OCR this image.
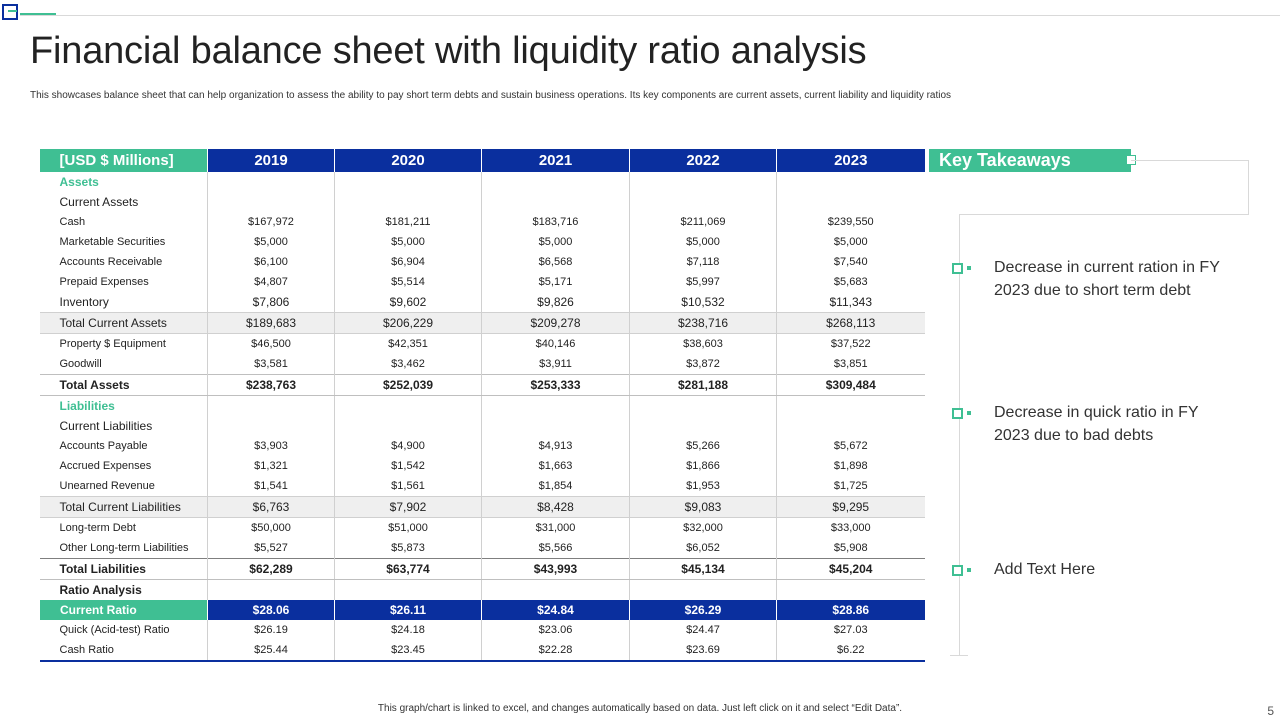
Financial balance sheet with liquidity ratio analysis
This showcases balance sheet that can help organization to assess the ability to pay short term debts and sustain business operations. Its key components are current assets, current liability and liquidity ratios
[USD $ Millions]	2019	2020	2021	2022	2023
Assets					
Current Assets					
Cash	$167,972	$181,211	$183,716	$211,069	$239,550
Marketable Securities	$5,000	$5,000	$5,000	$5,000	$5,000
Accounts Receivable	$6,100	$6,904	$6,568	$7,118	$7,540
Prepaid Expenses	$4,807	$5,514	$5,171	$5,997	$5,683
Inventory	$7,806	$9,602	$9,826	$10,532	$11,343
Total Current Assets	$189,683	$206,229	$209,278	$238,716	$268,113
Property $ Equipment	$46,500	$42,351	$40,146	$38,603	$37,522
Goodwill	$3,581	$3,462	$3,911	$3,872	$3,851
Total Assets	$238,763	$252,039	$253,333	$281,188	$309,484
Liabilities					
Current Liabilities					
Accounts Payable	$3,903	$4,900	$4,913	$5,266	$5,672
Accrued Expenses	$1,321	$1,542	$1,663	$1,866	$1,898
Unearned Revenue	$1,541	$1,561	$1,854	$1,953	$1,725
Total Current Liabilities	$6,763	$7,902	$8,428	$9,083	$9,295
Long-term Debt	$50,000	$51,000	$31,000	$32,000	$33,000
Other Long-term Liabilities	$5,527	$5,873	$5,566	$6,052	$5,908
Total Liabilities	$62,289	$63,774	$43,993	$45,134	$45,204
Ratio Analysis					
Current Ratio	$28.06	$26.11	$24.84	$26.29	$28.86
Quick (Acid-test) Ratio	$26.19	$24.18	$23.06	$24.47	$27.03
Cash Ratio	$25.44	$23.45	$22.28	$23.69	$6.22
Key Takeaways
Decrease in current ration in FY 2023 due to short term debt
Decrease in quick ratio in FY 2023 due to bad debts
Add Text Here
This graph/chart is linked to excel, and changes automatically based on data. Just left click on it and select “Edit Data”.	5
